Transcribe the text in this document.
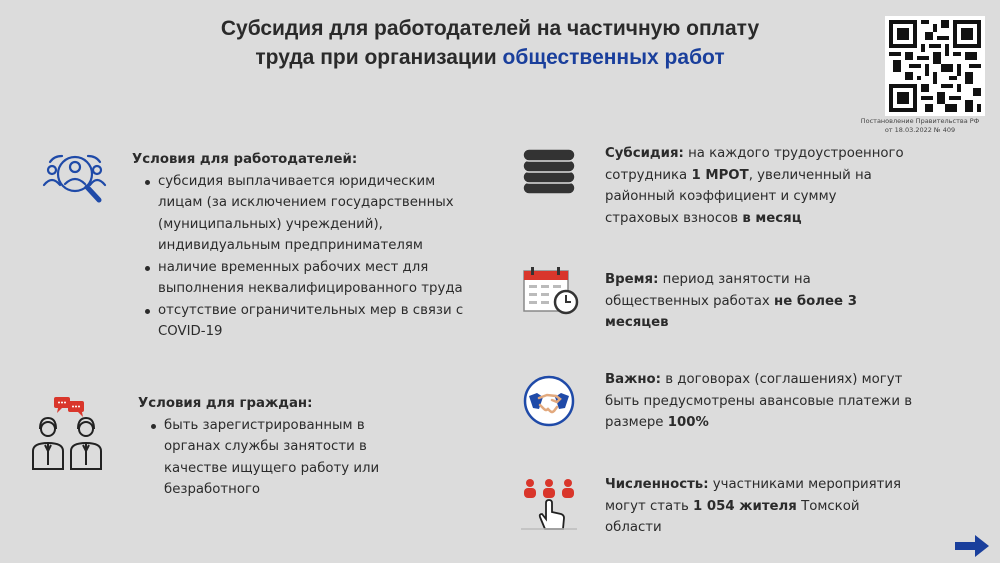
Субсидия для работодателей на частичную оплату
труда при организации общественных работ
Постановление Правительства РФ
от 18.03.2022 № 409
Условия для работодателей:
субсидия выплачивается юридическим лицам (за исключением государственных (муниципальных) учреждений), индивидуальным предпринимателям
наличие временных рабочих мест для выполнения неквалифицированного труда
отсутствие ограничительных мер в связи с COVID-19
Условия для граждан:
быть зарегистрированным в органах службы занятости в качестве ищущего работу или безработного
Субсидия: на каждого трудоустроенного сотрудника 1 МРОТ, увеличенный на районный коэффициент и сумму страховых взносов в месяц
Время: период занятости на общественных работах не более 3 месяцев
Важно: в договорах (соглашениях) могут быть предусмотрены авансовые платежи в размере 100%
Численность: участниками мероприятия могут стать 1 054 жителя Томской области
